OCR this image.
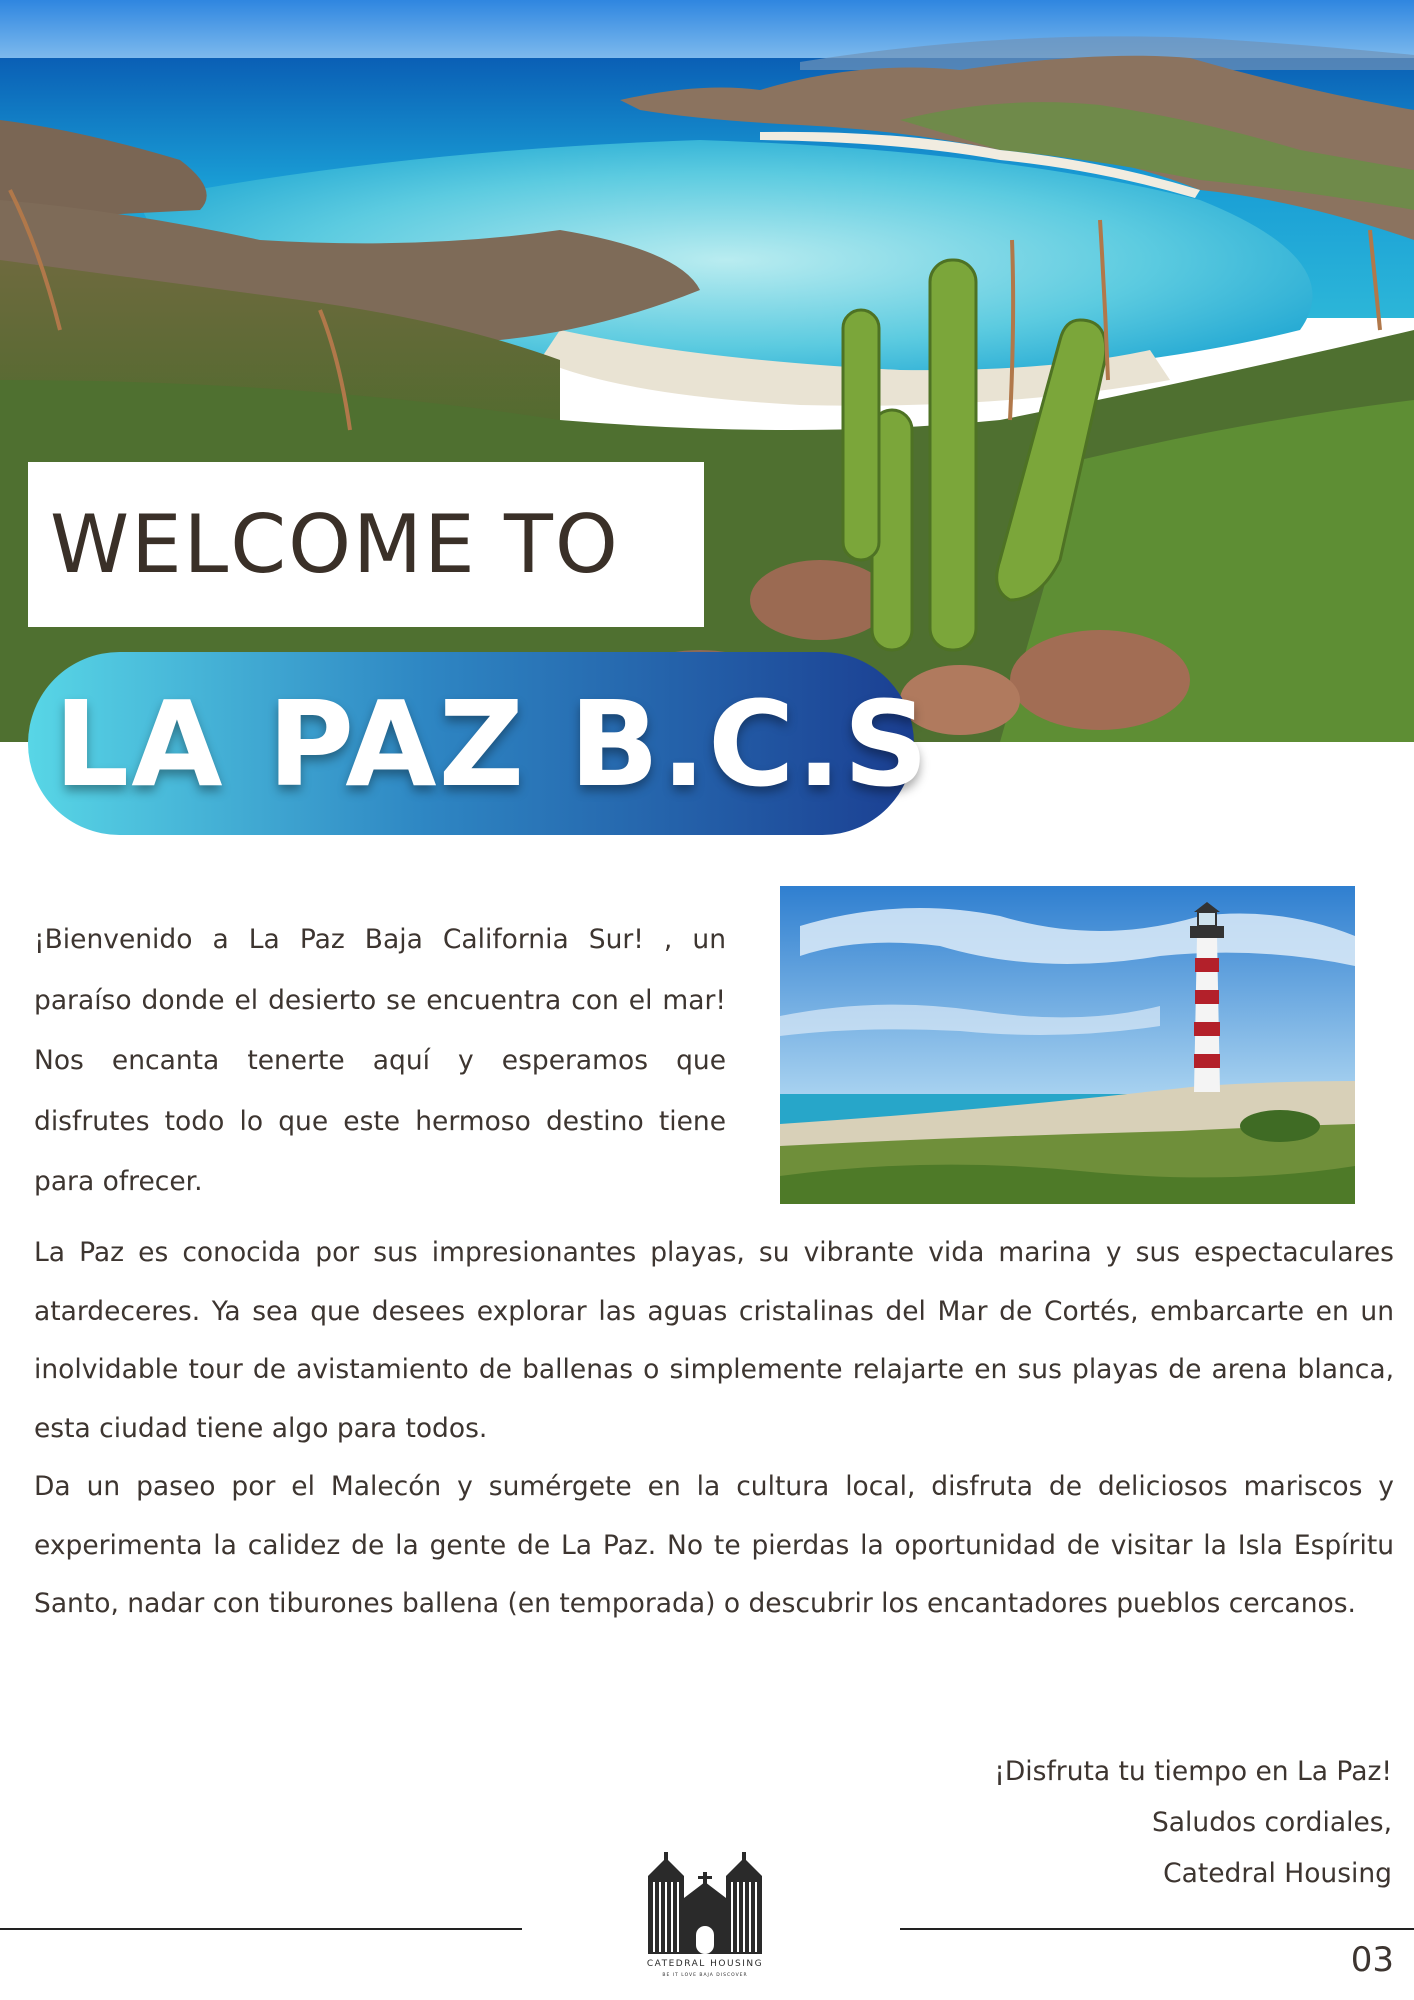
WELCOME TO
LA PAZ B.C.S
¡Bienvenido a La Paz Baja California Sur! , un paraíso donde el desierto se encuentra con el mar! Nos encanta tenerte aquí y esperamos que disfrutes todo lo que este hermoso destino tiene para ofrecer.

La Paz es conocida por sus impresionantes playas, su vibrante vida marina y sus espectaculares atardeceres. Ya sea que desees explorar las aguas cristalinas del Mar de Cortés, embarcarte en un inolvidable tour de avistamiento de ballenas o simplemente relajarte en sus playas de arena blanca, esta ciudad tiene algo para todos.

Da un paseo por el Malecón y sumérgete en la cultura local, disfruta de deliciosos mariscos y experimenta la calidez de la gente de La Paz. No te pierdas la oportunidad de visitar la Isla Espíritu Santo, nadar con tiburones ballena (en temporada) o descubrir los encantadores pueblos cercanos.

¡Disfruta tu tiempo en La Paz!
Saludos cordiales,
Catedral Housing
CATEDRAL HOUSING
BE IT LOVE BAJA DISCOVER	03
